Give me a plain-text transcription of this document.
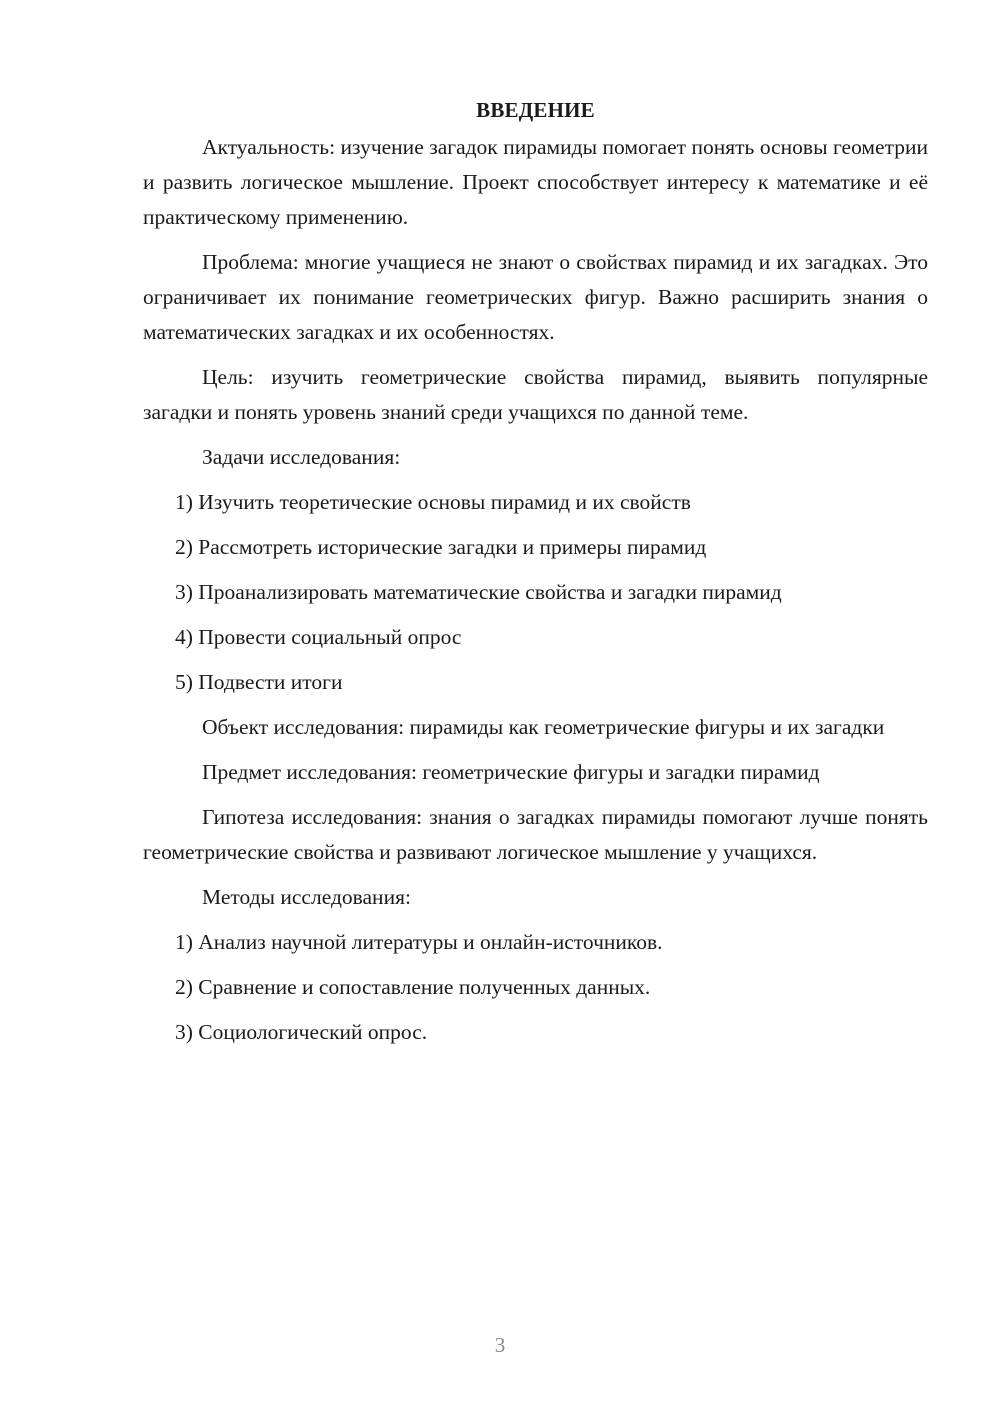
ВВЕДЕНИЕ

Актуальность: изучение загадок пирамиды помогает понять основы геометрии и развить логическое мышление. Проект способствует интересу к математике и её практическому применению.

Проблема: многие учащиеся не знают о свойствах пирамид и их загадках. Это ограничивает их понимание геометрических фигур. Важно расширить знания о математических загадках и их особенностях.

Цель: изучить геометрические свойства пирамид, выявить популярные загадки и понять уровень знаний среди учащихся по данной теме.

Задачи исследования:

1) Изучить теоретические основы пирамид и их свойств
2) Рассмотреть исторические загадки и примеры пирамид
3) Проанализировать математические свойства и загадки пирамид
4) Провести социальный опрос
5) Подвести итоги

Объект исследования: пирамиды как геометрические фигуры и их загадки

Предмет исследования: геометрические фигуры и загадки пирамид

Гипотеза исследования: знания о загадках пирамиды помогают лучше понять геометрические свойства и развивают логическое мышление у учащихся.

Методы исследования:

1) Анализ научной литературы и онлайн-источников.
2) Сравнение и сопоставление полученных данных.
3) Социологический опрос.
3
